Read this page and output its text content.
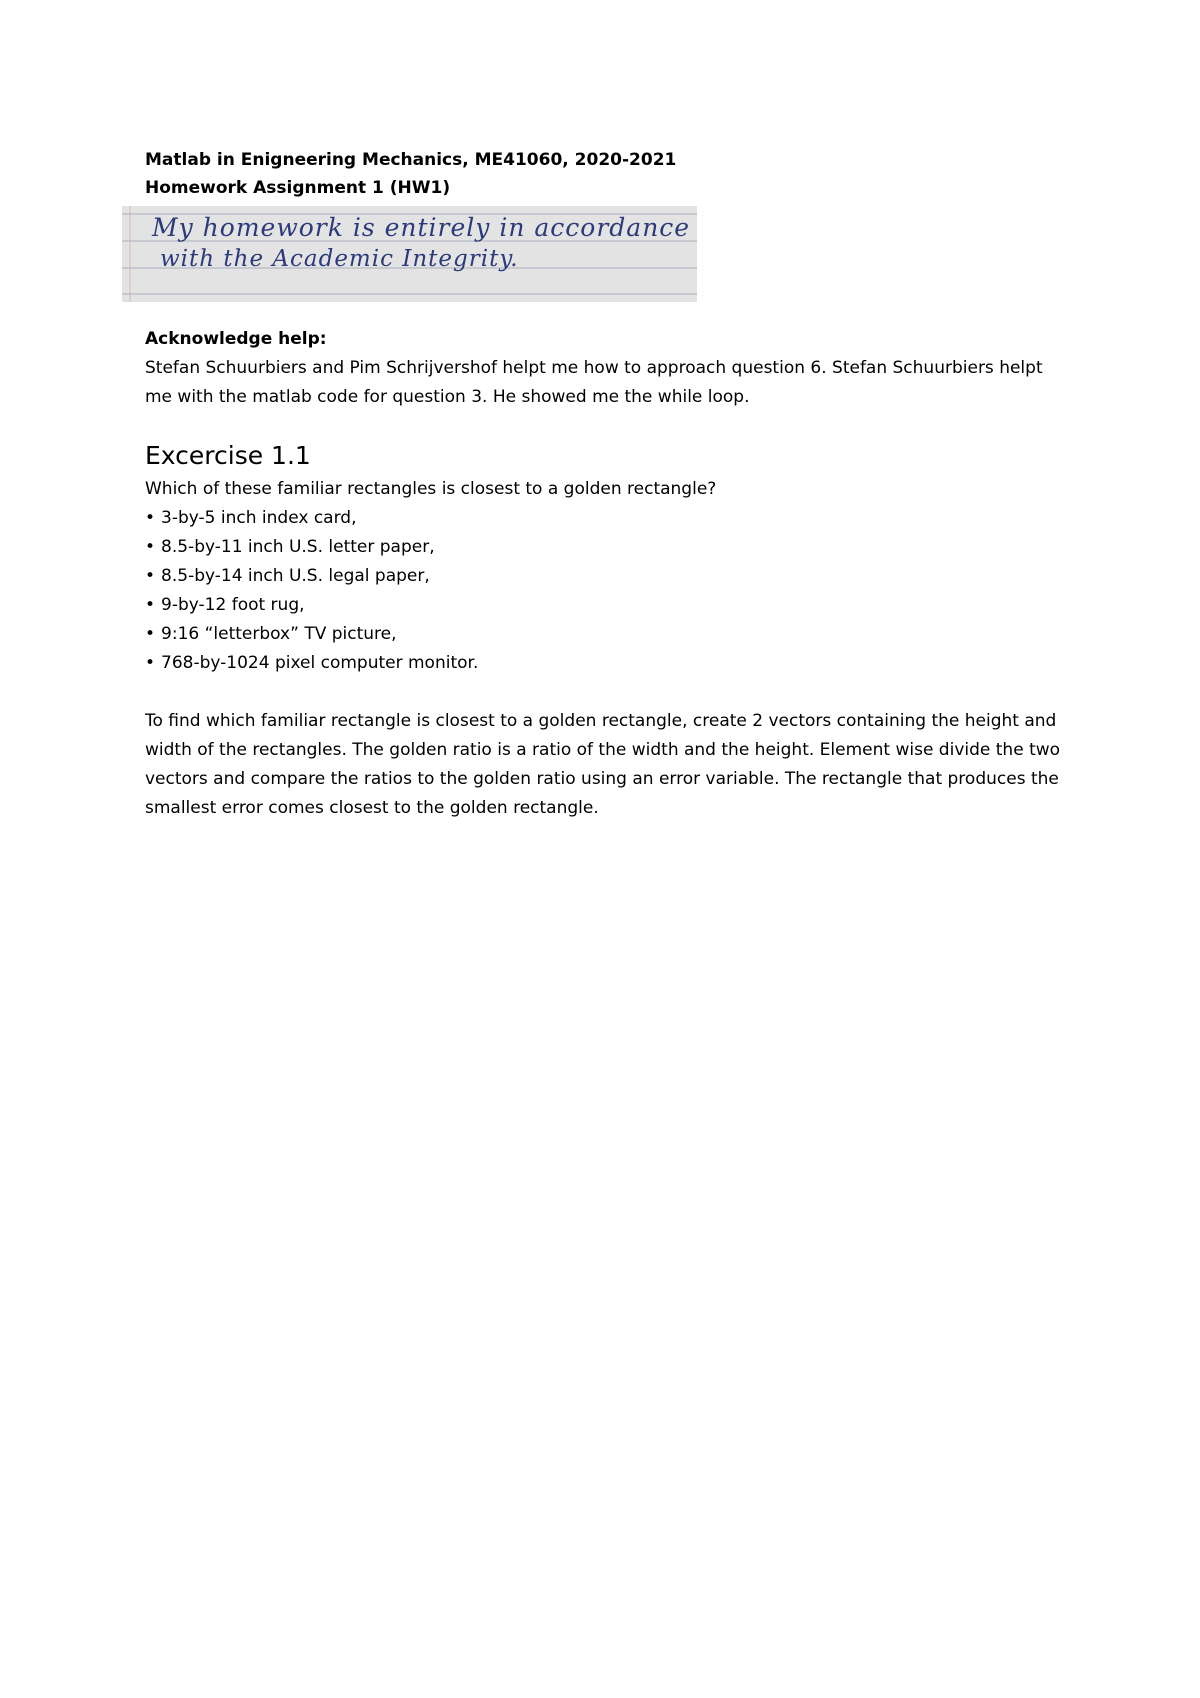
Matlab in Enigneering Mechanics, ME41060, 2020-2021
Homework Assignment 1 (HW1)
My homework is entirely in accordance
with the Academic Integrity.
Acknowledge help:

Stefan Schuurbiers and Pim Schrijvershof helpt me how to approach question 6. Stefan Schuurbiers helpt me with the matlab code for question 3. He showed me the while loop.

Excercise 1.1

Which of these familiar rectangles is closest to a golden rectangle?

• 3-by-5 inch index card,
• 8.5-by-11 inch U.S. letter paper,
• 8.5-by-14 inch U.S. legal paper,
• 9-by-12 foot rug,
• 9:16 “letterbox” TV picture,
• 768-by-1024 pixel computer monitor.

To find which familiar rectangle is closest to a golden rectangle, create 2 vectors containing the height and width of the rectangles. The golden ratio is a ratio of the width and the height. Element wise divide the two vectors and compare the ratios to the golden ratio using an error variable. The rectangle that produces the smallest error comes closest to the golden rectangle.
